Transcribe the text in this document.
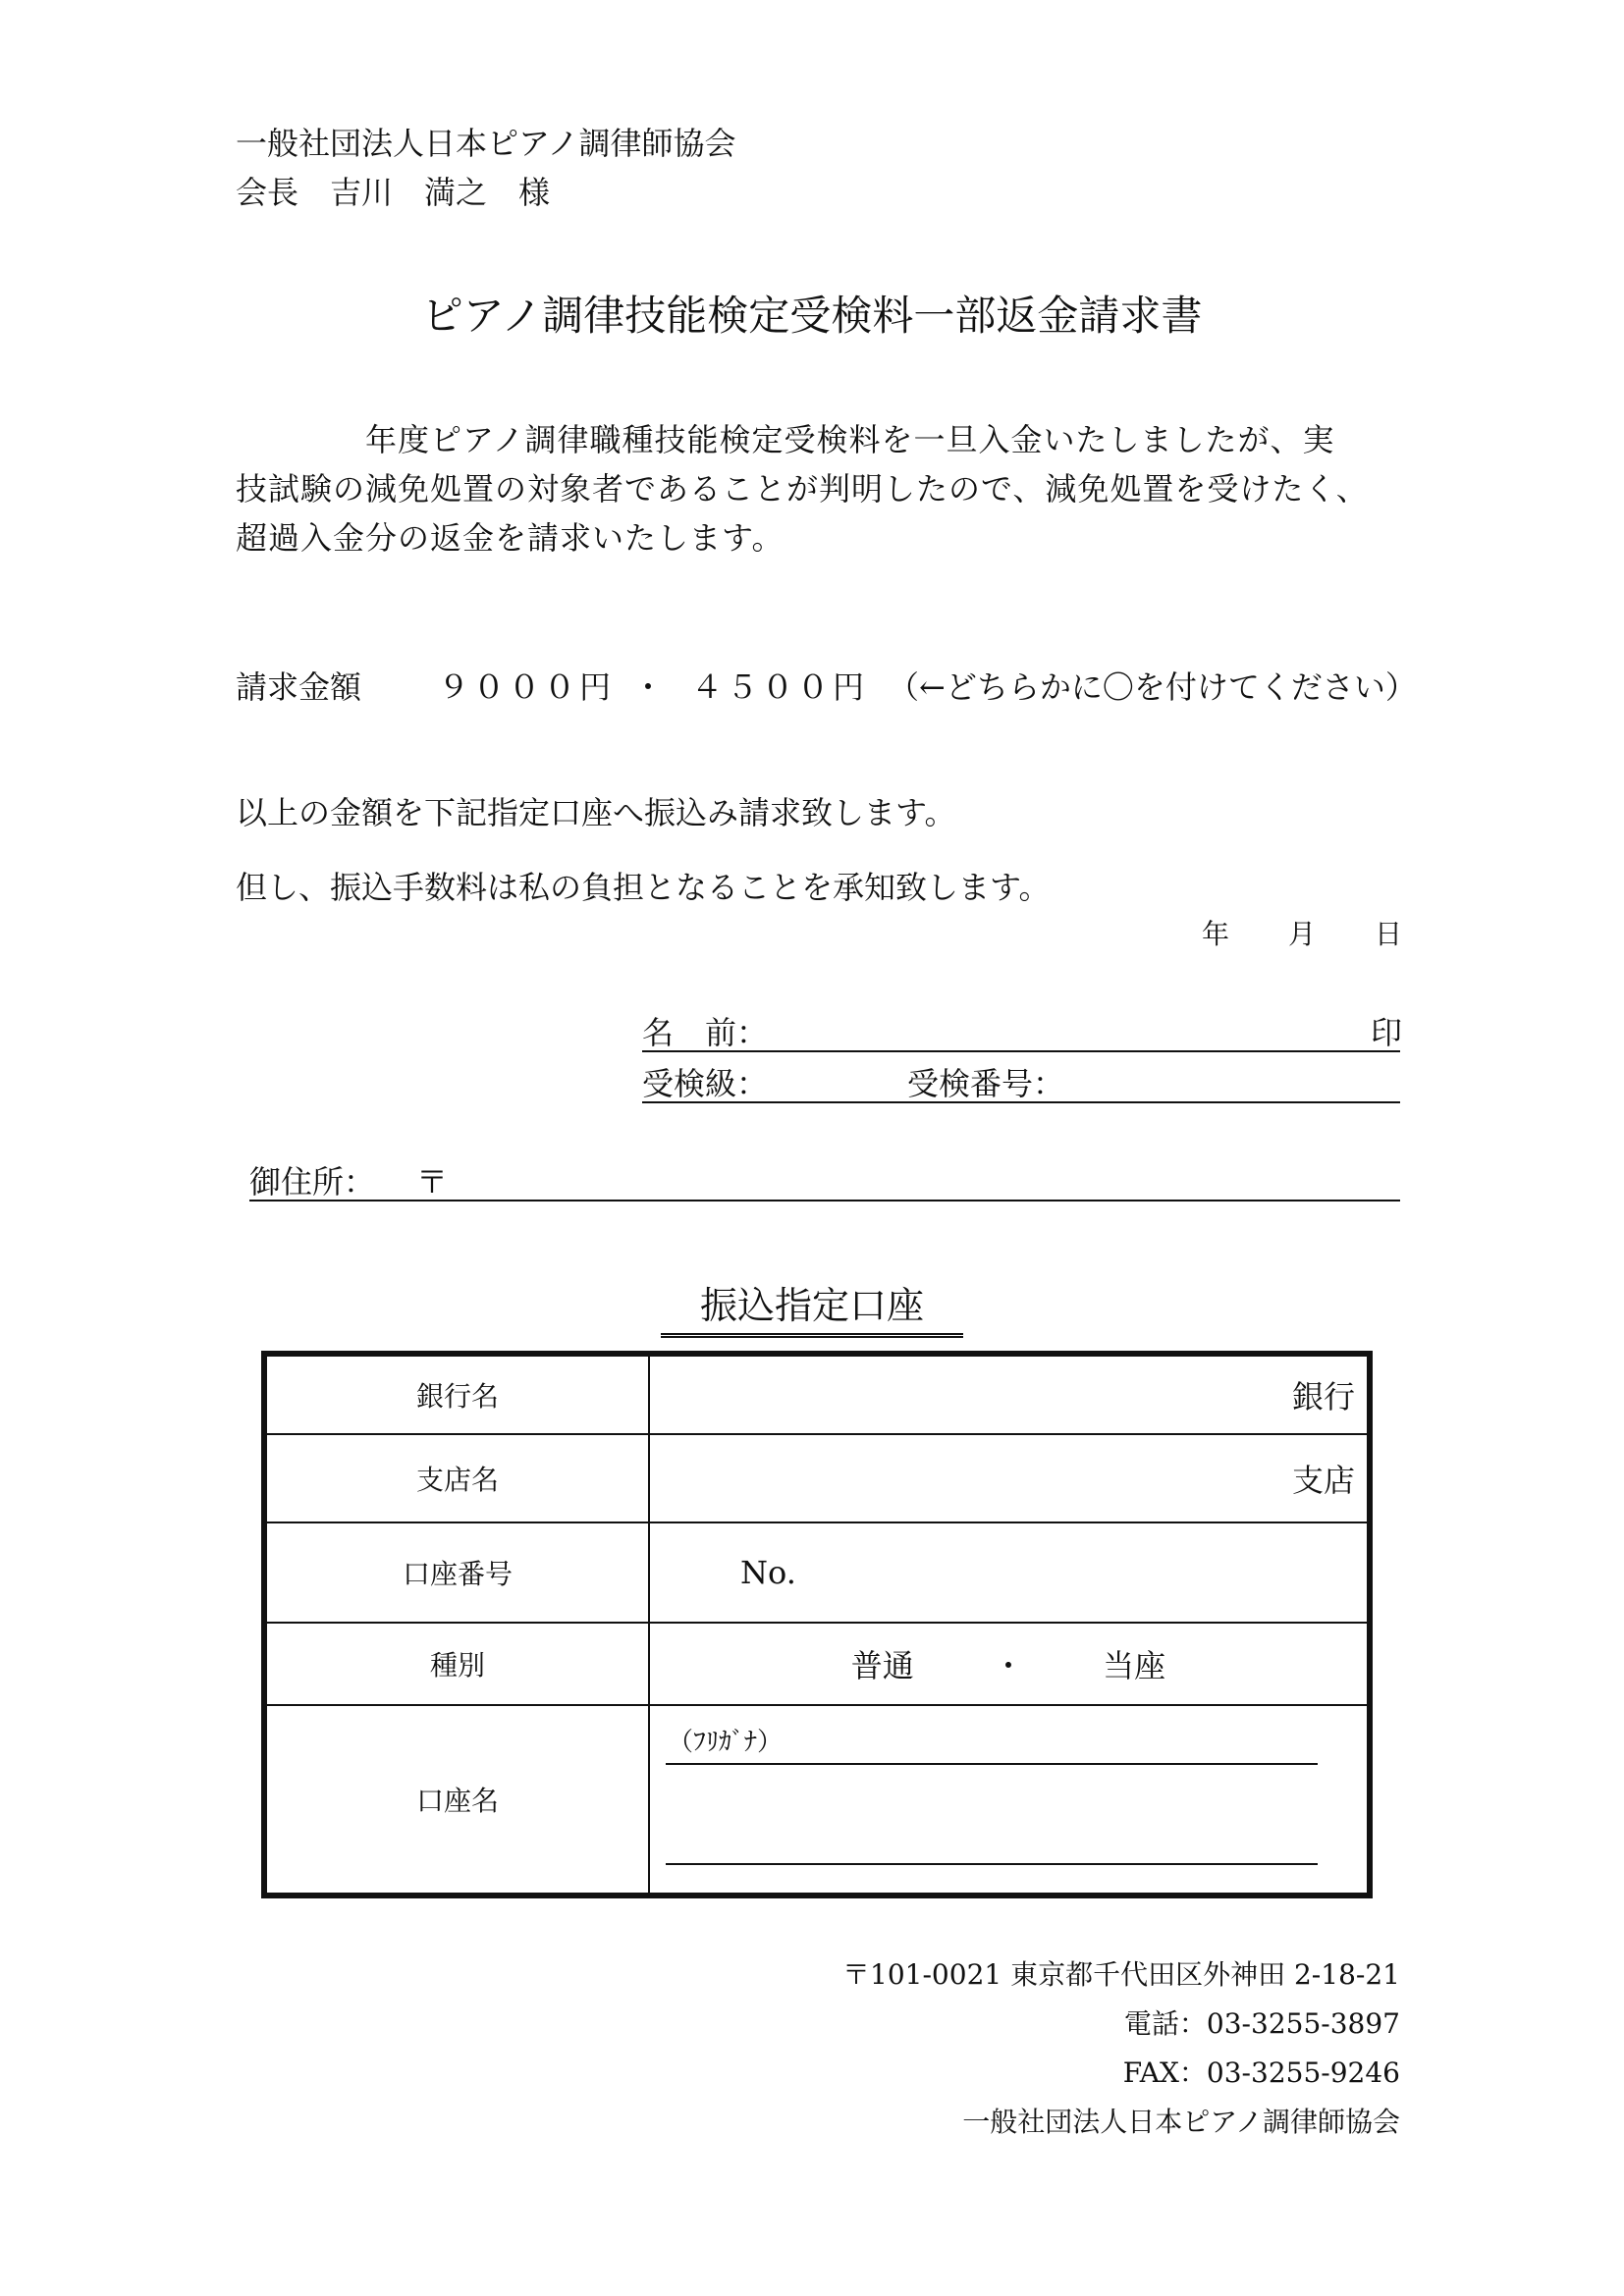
一般社団法人日本ピアノ調律師協会
会長　吉川　満之　様
ピアノ調律技能検定受検料一部返金請求書
　　　　年度ピアノ調律職種技能検定受検料を一旦入金いたしましたが、実
技試験の減免処置の対象者であることが判明したので、減免処置を受けたく、
超過入金分の返金を請求いたします。
請求金額 ９０００円 ・ ４５００円 （←どちらかに〇を付けてください）
以上の金額を下記指定口座へ振込み請求致します。
但し、振込手数料は私の負担となることを承知致します。
年 月 日
名　前：	印
受検級：	受検番号：
御住所： 〒
振込指定口座
銀行名	銀行

支店名	支店

口座番号	No.

種別	普通 ・ 当座
口座名	（ﾌﾘｶﾞﾅ）
〒101-0021 東京都千代田区外神田 2-18-21
電話：03-3255-3897
FAX：03-3255-9246
一般社団法人日本ピアノ調律師協会
